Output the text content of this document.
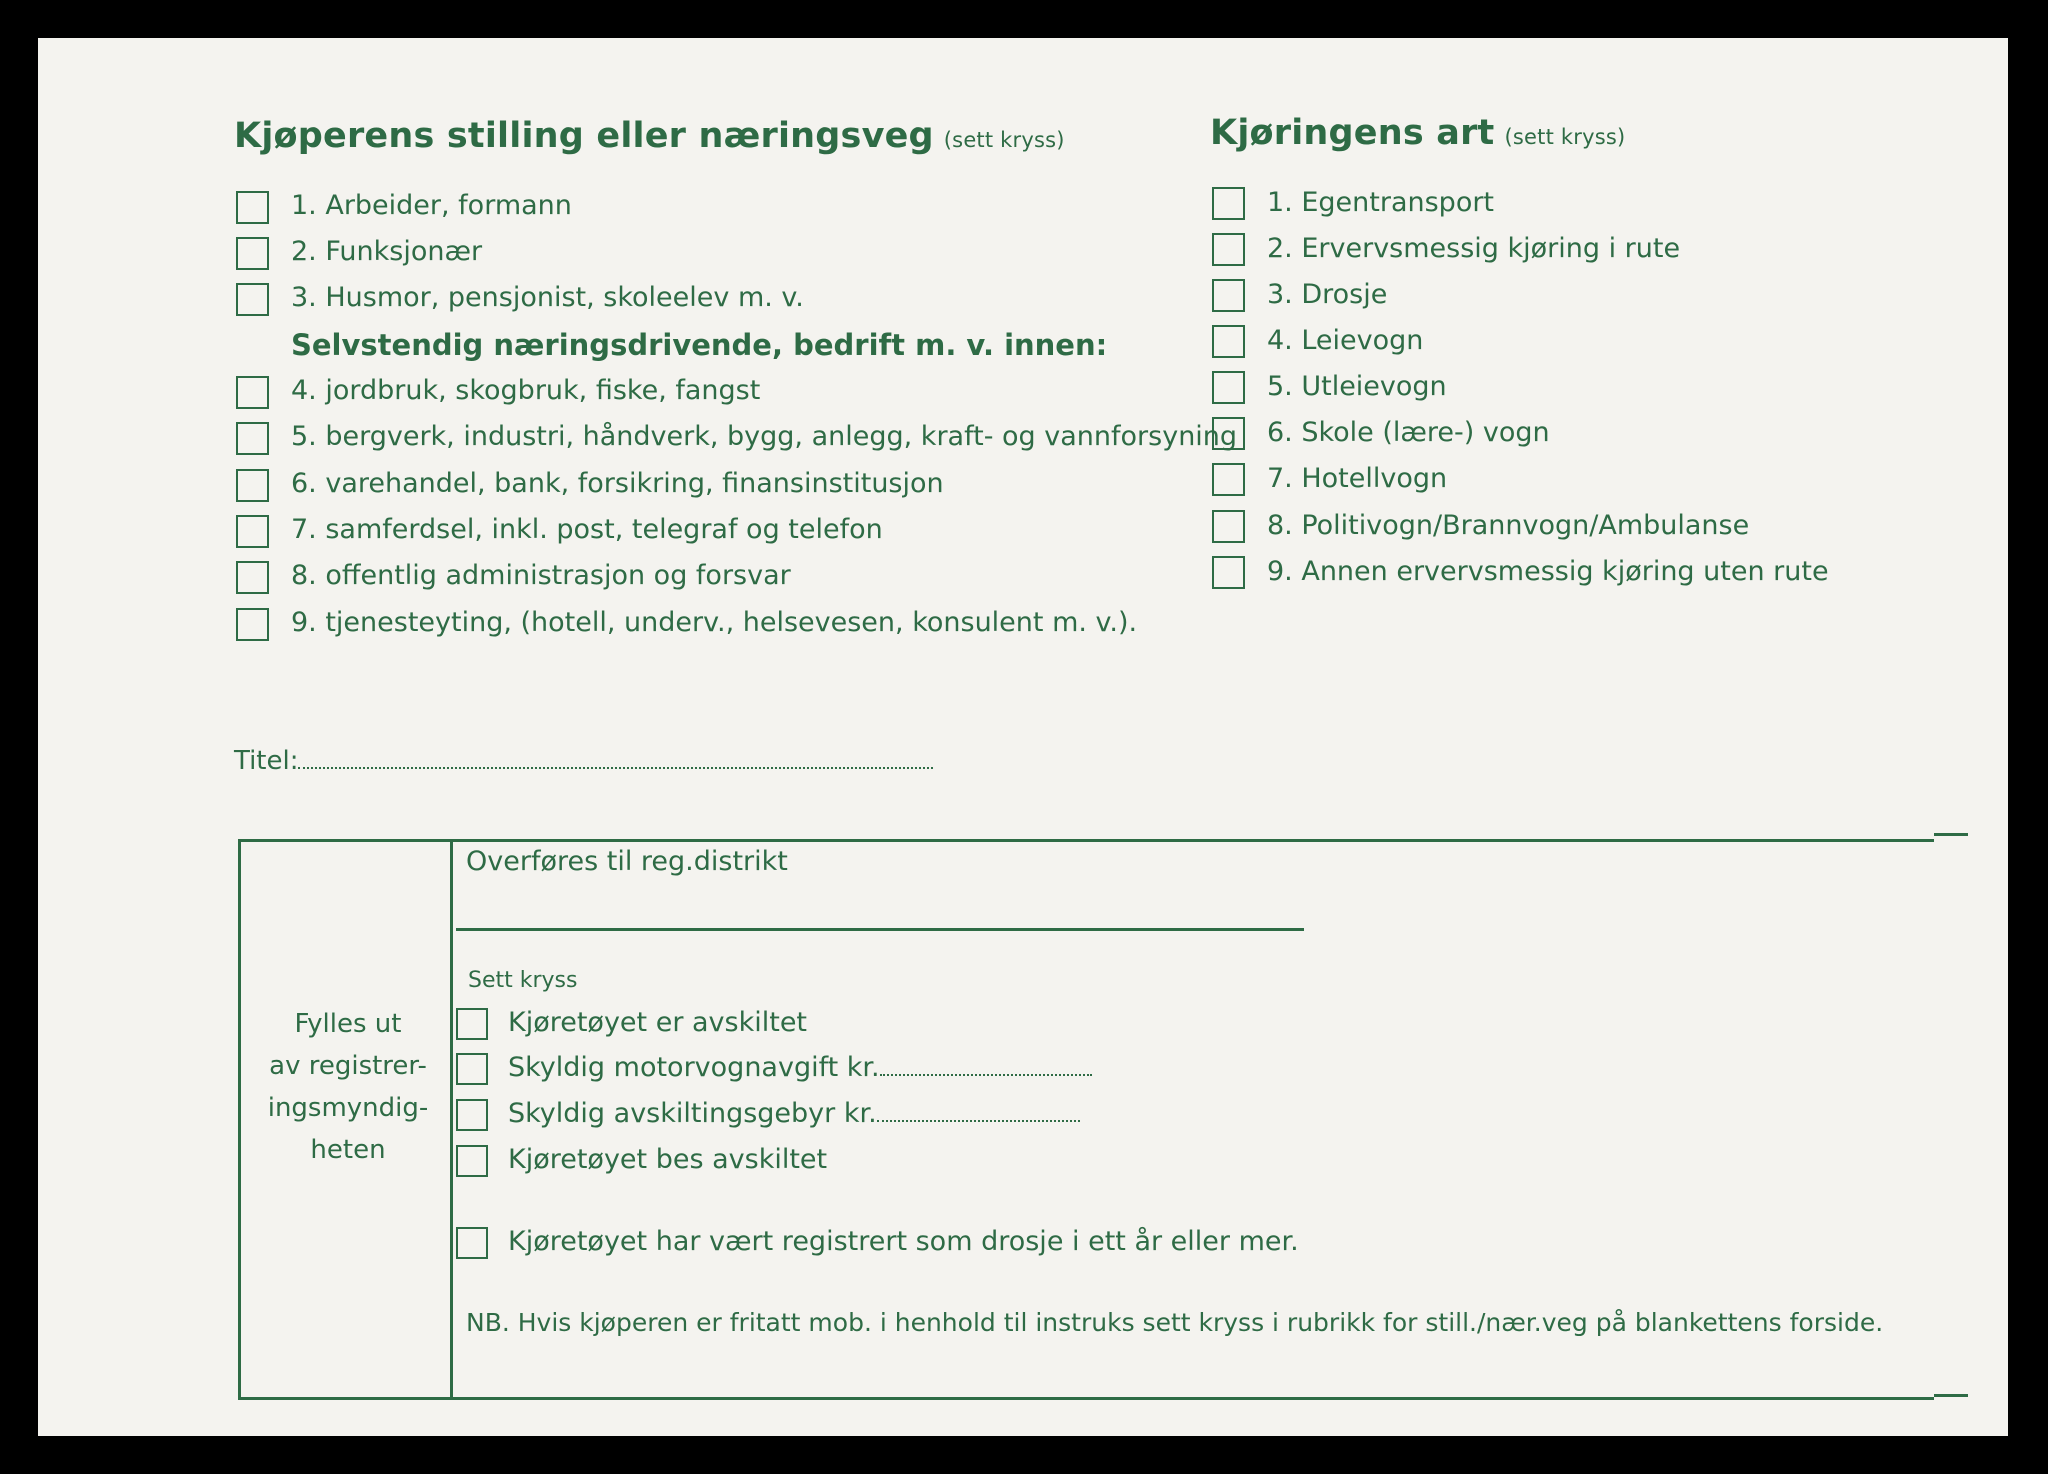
Kjøperens stilling eller næringsveg (sett kryss)
1. Arbeider, formann
2. Funksjonær
3. Husmor, pensjonist, skoleelev m. v.
Selvstendig næringsdrivende, bedrift m. v. innen:
4. jordbruk, skogbruk, fiske, fangst
5. bergverk, industri, håndverk, bygg, anlegg, kraft- og vannforsyning
6. varehandel, bank, forsikring, finansinstitusjon
7. samferdsel, inkl. post, telegraf og telefon
8. offentlig administrasjon og forsvar
9. tjenesteyting, (hotell, underv., helsevesen, konsulent m. v.).
Kjøringens art (sett kryss)
1. Egentransport
2. Ervervsmessig kjøring i rute
3. Drosje
4. Leievogn
5. Utleievogn
6. Skole (lære-) vogn
7. Hotellvogn
8. Politivogn/Brannvogn/Ambulanse
9. Annen ervervsmessig kjøring uten rute
Titel:
Fylles ut
av registrer-
ingsmyndig-
heten
Overføres til reg.distrikt
Sett kryss
Kjøretøyet er avskiltet
Skyldig motorvognavgift kr.
Skyldig avskiltingsgebyr kr.
Kjøretøyet bes avskiltet
Kjøretøyet har vært registrert som drosje i ett år eller mer.
NB. Hvis kjøperen er fritatt mob. i henhold til instruks sett kryss i rubrikk for still./nær.veg på blankettens forside.
